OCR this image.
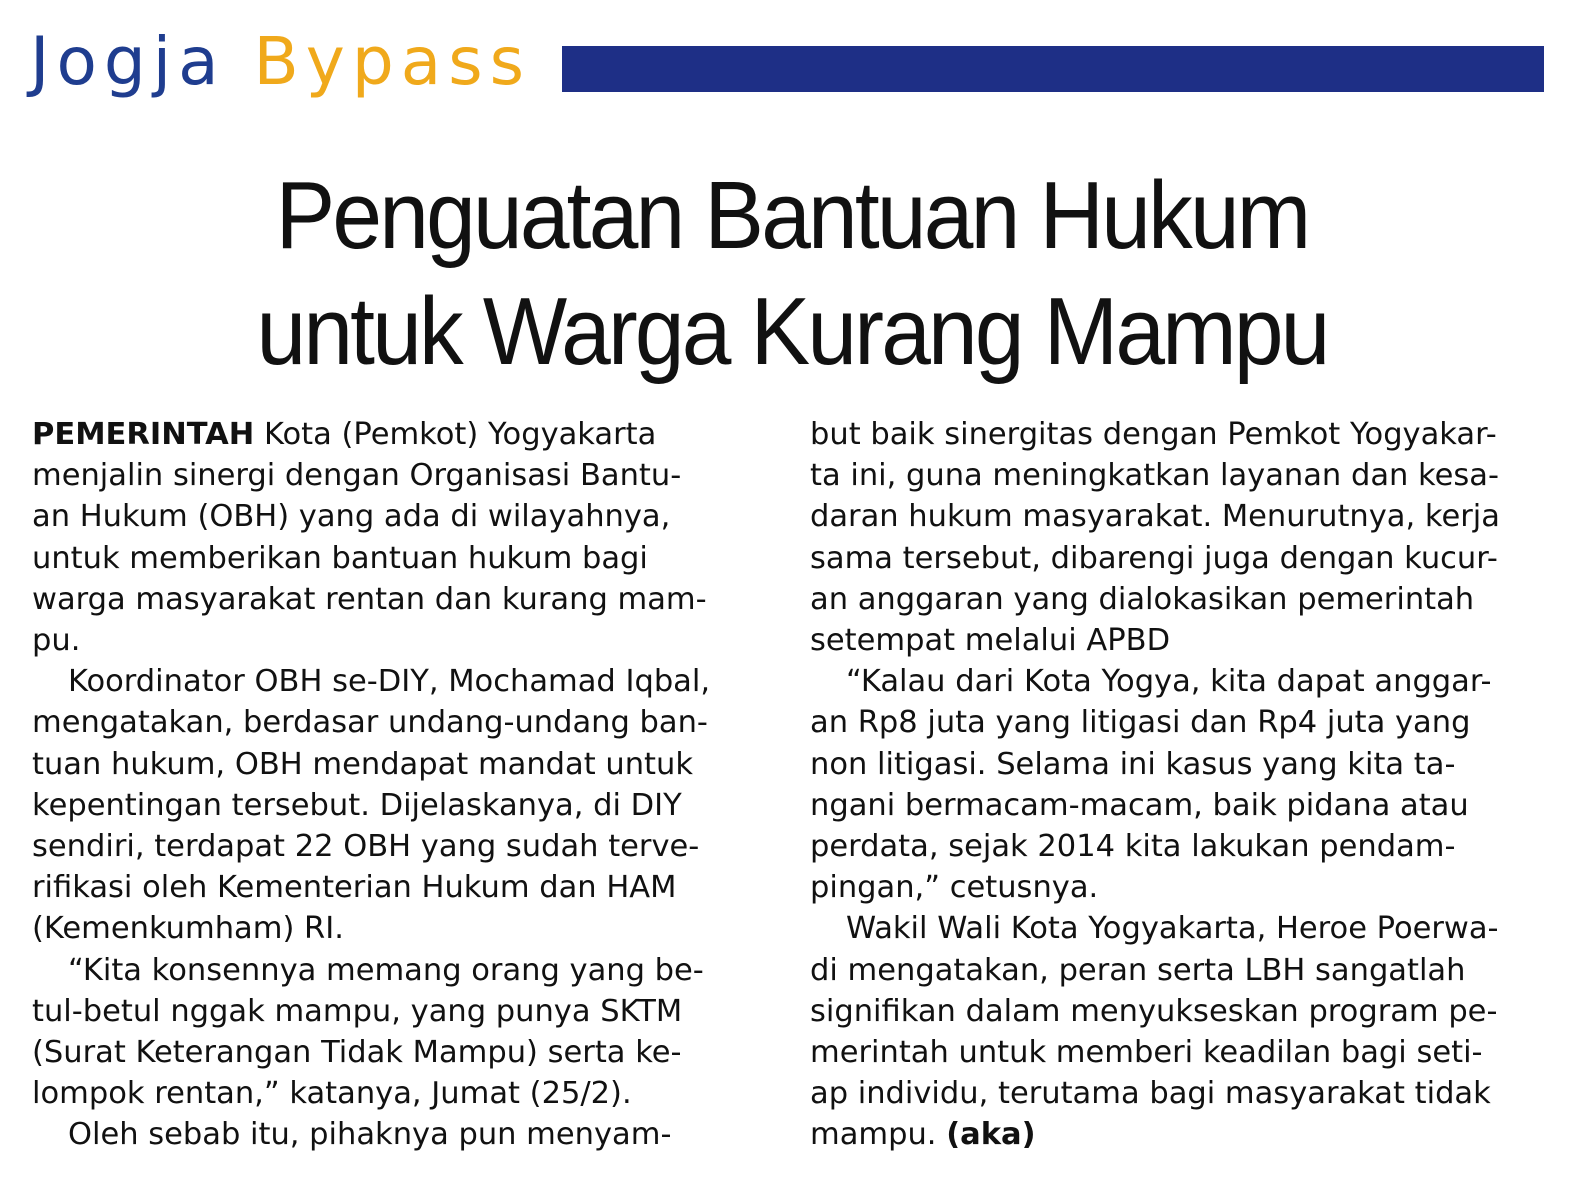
Jogja Bypass
Penguatan Bantuan Hukum
untuk Warga Kurang Mampu

PEMERINTAH Kota (Pemkot) Yogyakarta

menjalin sinergi dengan Organisasi Bantu-

an Hukum (OBH) yang ada di wilayahnya,

untuk memberikan bantuan hukum bagi

warga masyarakat rentan dan kurang mam-

pu.

Koordinator OBH se-DIY, Mochamad Iqbal,

mengatakan, berdasar undang-undang ban-

tuan hukum, OBH mendapat mandat untuk

kepentingan tersebut. Dijelaskanya, di DIY

sendiri, terdapat 22 OBH yang sudah terve-

rifikasi oleh Kementerian Hukum dan HAM

(Kemenkumham) RI.

“Kita konsennya memang orang yang be-

tul-betul nggak mampu, yang punya SKTM

(Surat Keterangan Tidak Mampu) serta ke-

lompok rentan,” katanya, Jumat (25/2).

Oleh sebab itu, pihaknya pun menyam-

but baik sinergitas dengan Pemkot Yogyakar-

ta ini, guna meningkatkan layanan dan kesa-

daran hukum masyarakat. Menurutnya, kerja

sama tersebut, dibarengi juga dengan kucur-

an anggaran yang dialokasikan pemerintah

setempat melalui APBD

“Kalau dari Kota Yogya, kita dapat anggar-

an Rp8 juta yang litigasi dan Rp4 juta yang

non litigasi. Selama ini kasus yang kita ta-

ngani bermacam-macam, baik pidana atau

perdata, sejak 2014 kita lakukan pendam-

pingan,” cetusnya.

Wakil Wali Kota Yogyakarta, Heroe Poerwa-

di mengatakan, peran serta LBH sangatlah

signifikan dalam menyukseskan program pe-

merintah untuk memberi keadilan bagi seti-

ap individu, terutama bagi masyarakat tidak

mampu. (aka)
